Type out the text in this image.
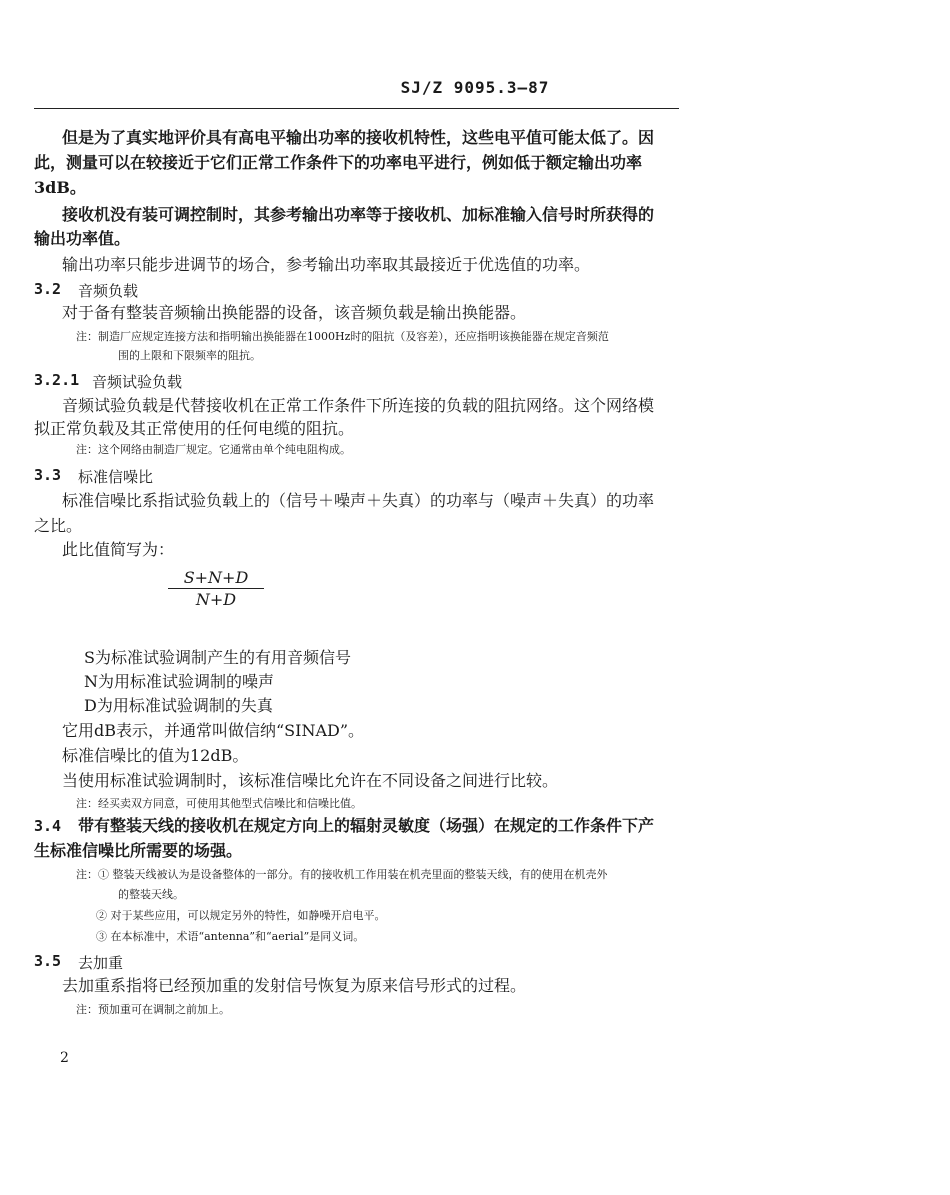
SJ/Z 9095.3—87
但是为了真实地评价具有高电平输出功率的接收机特性，这些电平值可能太低了。因
此，测量可以在较接近于它们正常工作条件下的功率电平进行，例如低于额定输出功率
3dB。
接收机没有装可调控制时，其参考输出功率等于接收机、加标准输入信号时所获得的
输出功率值。
输出功率只能步进调节的场合，参考输出功率取其最接近于优选值的功率。
3.2 音频负载
对于备有整装音频输出换能器的设备，该音频负载是输出换能器。
注：制造厂应规定连接方法和指明输出换能器在1000Hz时的阻抗（及容差），还应指明该换能器在规定音频范
围的上限和下限频率的阻抗。
3.2.1 音频试验负载
音频试验负载是代替接收机在正常工作条件下所连接的负载的阻抗网络。这个网络模
拟正常负载及其正常使用的任何电缆的阻抗。
注：这个网络由制造厂规定。它通常由单个纯电阻构成。
3.3 标准信噪比
标准信噪比系指试验负载上的（信号＋噪声＋失真）的功率与（噪声＋失真）的功率
之比。
此比值简写为：
$\frac{S+N+D}{N+D}$
S为标准试验调制产生的有用音频信号
N为用标准试验调制的噪声
D为用标准试验调制的失真
它用dB表示，并通常叫做信纳“SINAD”。
标准信噪比的值为12dB。
当使用标准试验调制时，该标准信噪比允许在不同设备之间进行比较。
注：经买卖双方同意，可使用其他型式信噪比和信噪比值。
3.4 带有整装天线的接收机在规定方向上的辐射灵敏度（场强）在规定的工作条件下产
生标准信噪比所需要的场强。
注：① 整装天线被认为是设备整体的一部分。有的接收机工作用装在机壳里面的整装天线，有的使用在机壳外
的整装天线。
② 对于某些应用，可以规定另外的特性，如静噪开启电平。
③ 在本标准中，术语“antenna”和“aerial”是同义词。
3.5 去加重
去加重系指将已经预加重的发射信号恢复为原来信号形式的过程。
注：预加重可在调制之前加上。
2
